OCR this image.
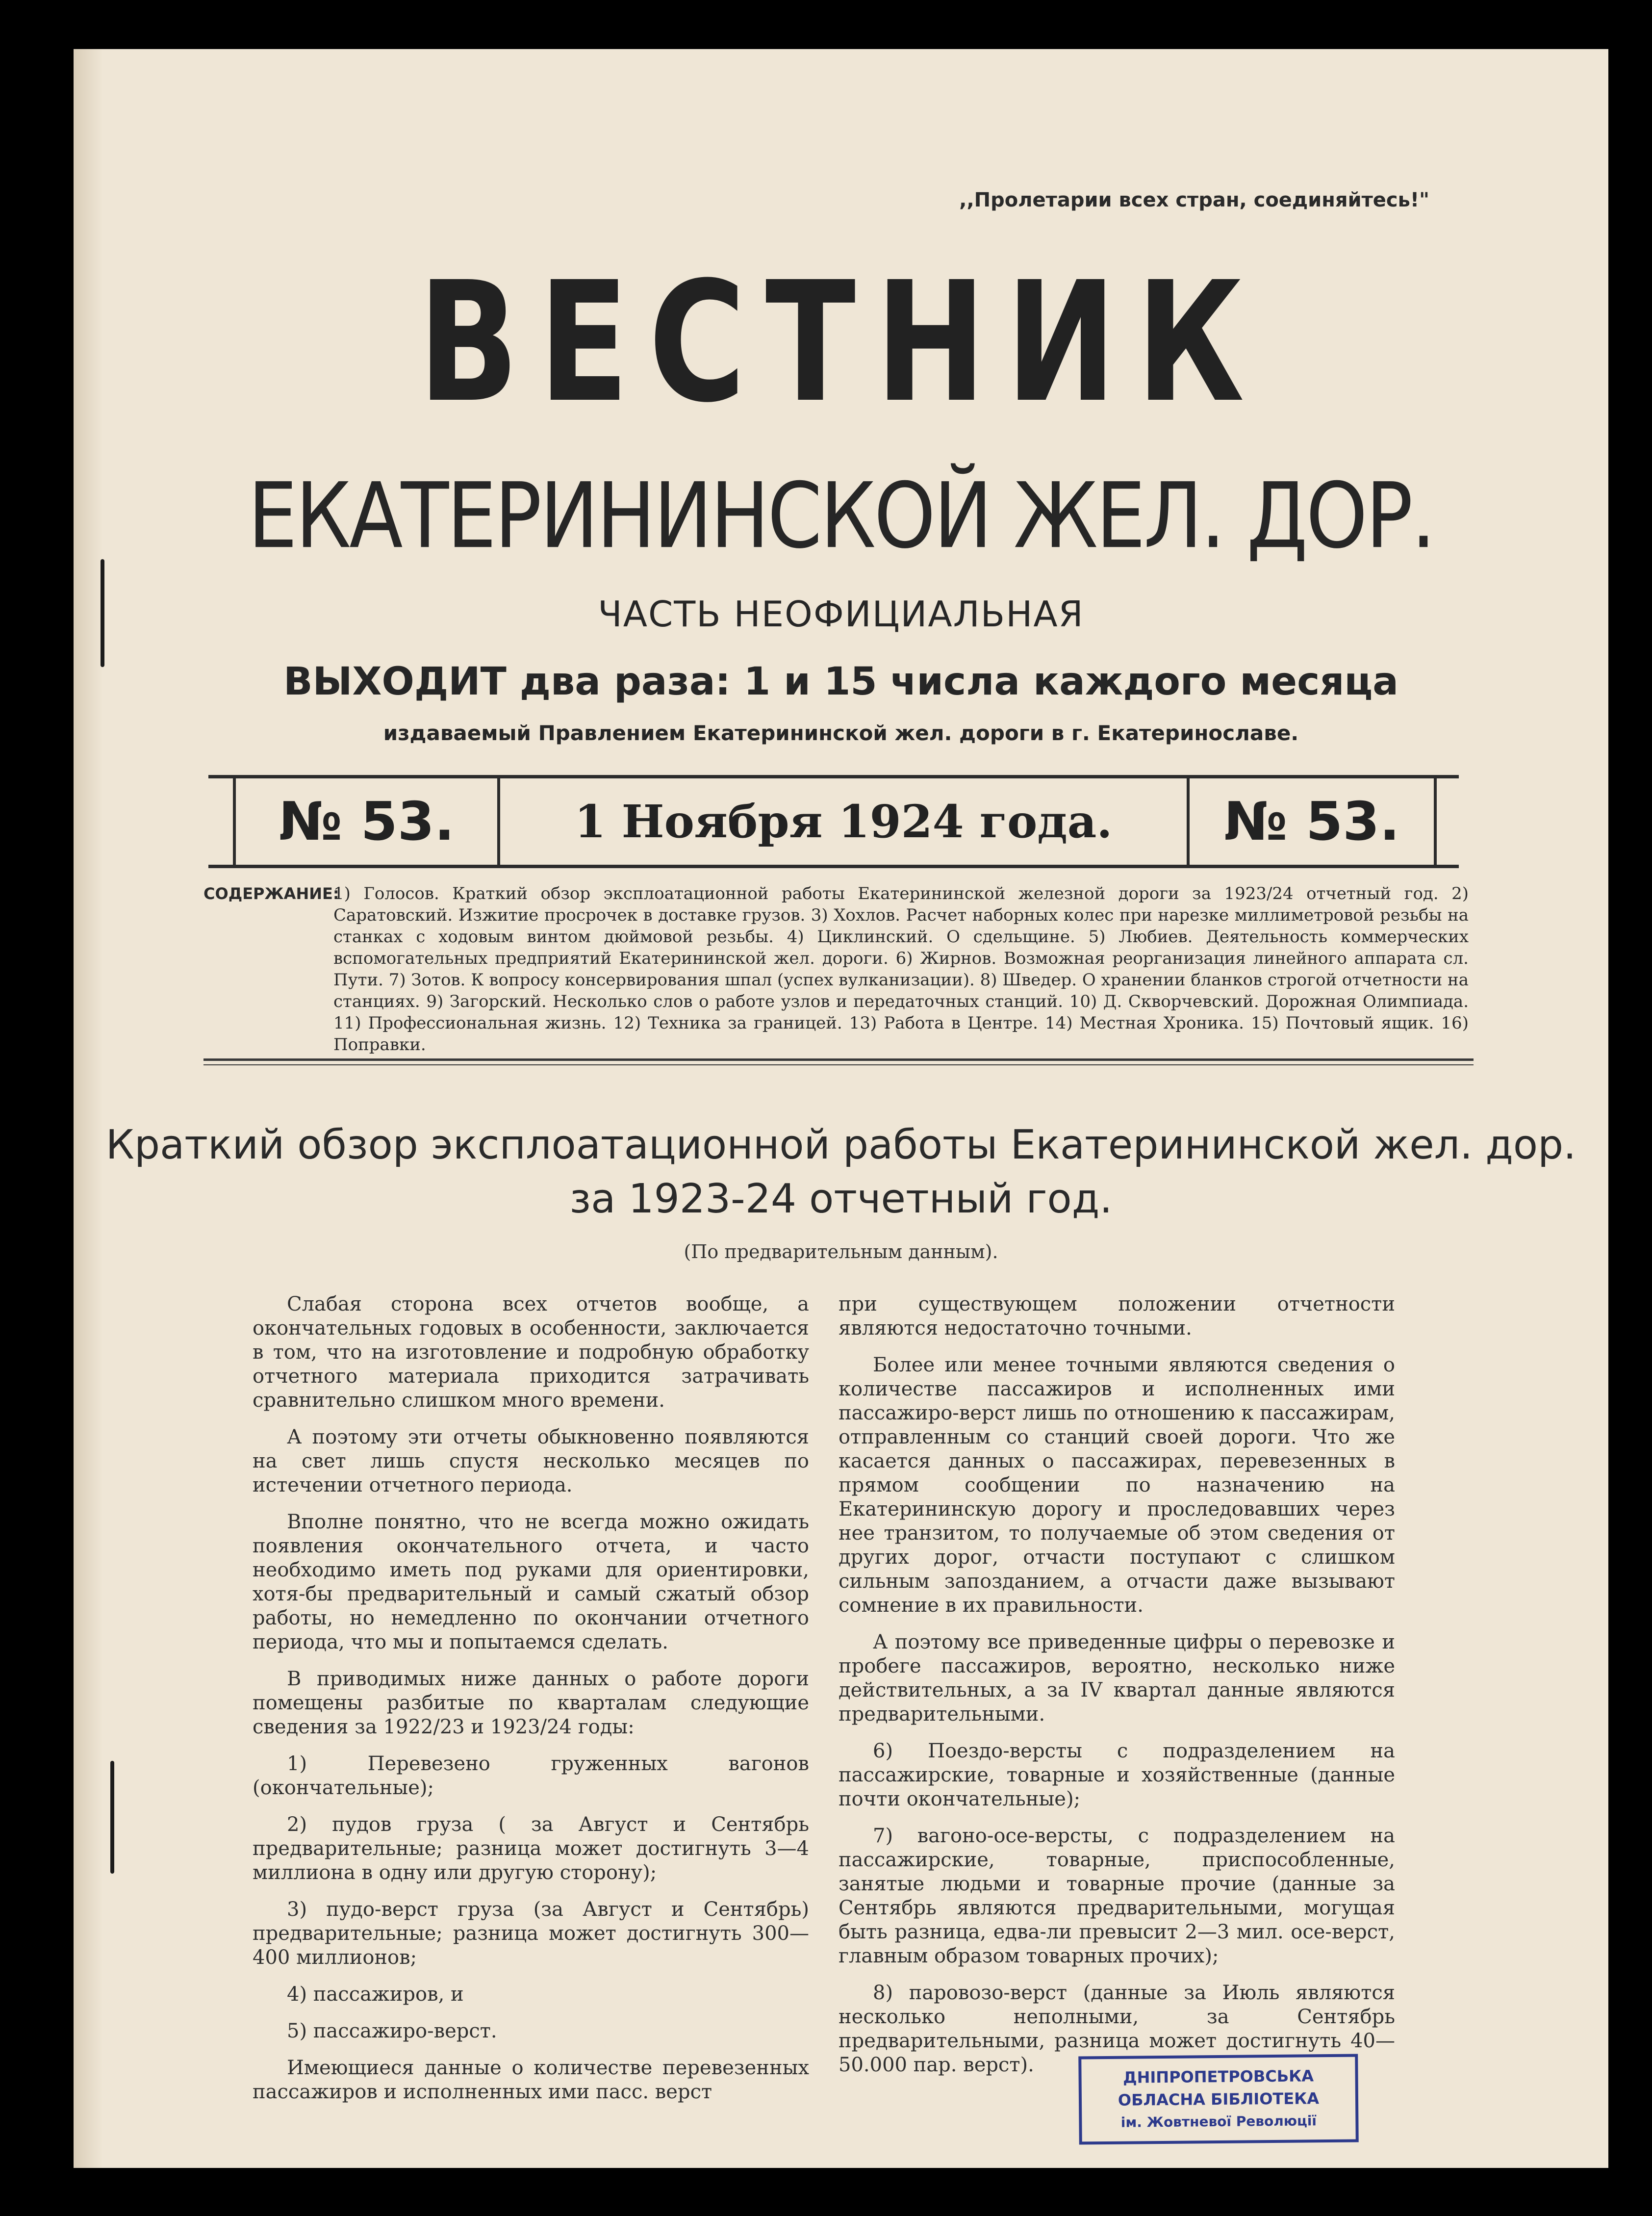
,,Пролетарии всех стран, соединяйтесь!"
ВЕСТНИК
ЕКАТЕРИНИНСКОЙ ЖЕЛ. ДОР.
ЧАСТЬ НЕОФИЦИАЛЬНАЯ
ВЫХОДИТ два раза: 1 и 15 числа каждого месяца
издаваемый Правлением Екатерининской жел. дороги в г. Екатеринославе.
№ 53.	1 Ноября 1924 года.	№ 53.
СОДЕРЖАНИЕ:
1) Голосов. Краткий обзор эксплоатационной работы Екатерининской железной дороги за 1923/24 отчетный год. 2) Саратовский. Изжитие просрочек в доставке грузов. 3) Хохлов. Расчет наборных колес при нарезке миллиметровой резьбы на станках с ходовым винтом дюймовой резьбы. 4) Циклинский. О сдельщине. 5) Любиев. Деятельность коммерческих вспомогательных предприятий Екатерининской жел. дороги. 6) Жирнов. Возможная реорганизация линейного аппарата сл. Пути. 7) Зотов. К вопросу консервирования шпал (успех вулканизации). 8) Шведер. О хранении бланков строгой отчетности на станциях. 9) Загорский. Несколько слов о работе узлов и передаточных станций. 10) Д. Скворчевский. Дорожная Олимпиада. 11) Профессиональная жизнь. 12) Техника за границей. 13) Работа в Центре. 14) Местная Хроника. 15) Почтовый ящик. 16) Поправки.
Краткий обзор эксплоатационной работы Екатерининской жел. дор.
за 1923-24 отчетный год.
(По предварительным данным).

Слабая сторона всех отчетов вообще, а окончательных годовых в особенности, заключается в том, что на изготовление и подробную обработку отчетного материала приходится затрачивать сравнительно слишком много времени.

А поэтому эти отчеты обыкновенно появляются на свет лишь спустя несколько месяцев по истечении отчетного периода.

Вполне понятно, что не всегда можно ожидать появления окончательного отчета, и часто необходимо иметь под руками для ориентировки, хотя-бы предварительный и самый сжатый обзор работы, но немедленно по окончании отчетного периода, что мы и попытаемся сделать.

В приводимых ниже данных о работе дороги помещены разбитые по кварталам следующие сведения за 1922/23 и 1923/24 годы:

1) Перевезено груженных вагонов (окончательные);

2) пудов груза ( за Август и Сентябрь предварительные; разница может достигнуть 3—4 миллиона в одну или другую сторону);

3) пудо-верст груза (за Август и Сентябрь) предварительные; разница может достигнуть 300—400 миллионов;

4) пассажиров, и

5) пассажиро-верст.

Имеющиеся данные о количестве перевезенных пассажиров и исполненных ими пасс. верст

при существующем положении отчетности являются недостаточно точными.

Более или менее точными являются сведения о количестве пассажиров и исполненных ими пассажиро-верст лишь по отношению к пассажирам, отправленным со станций своей дороги. Что же касается данных о пассажирах, перевезенных в прямом сообщении по назначению на Екатерининскую дорогу и проследовавших через нее транзитом, то получаемые об этом сведения от других дорог, отчасти поступают с слишком сильным запозданием, а отчасти даже вызывают сомнение в их правильности.

А поэтому все приведенные цифры о перевозке и пробеге пассажиров, вероятно, несколько ниже действительных, а за IV квартал данные являются предварительными.

6) Поездо-версты с подразделением на пассажирские, товарные и хозяйственные (данные почти окончательные);

7) вагоно-осе-версты, с подразделением на пассажирские, товарные, приспособленные, занятые людьми и товарные прочие (данные за Сентябрь являются предварительными, могущая быть разница, едва-ли превысит 2—3 мил. осе-верст, главным образом товарных прочих);

8) паровозо-верст (данные за Июль являются несколько неполными, за Сентябрь предварительными, разница может достигнуть 40—50.000 пар. верст).

ДНІПРОПЕТРОВСЬКА
ОБЛАСНА БІБЛІОТЕКА
ім. Жовтневої Революції
